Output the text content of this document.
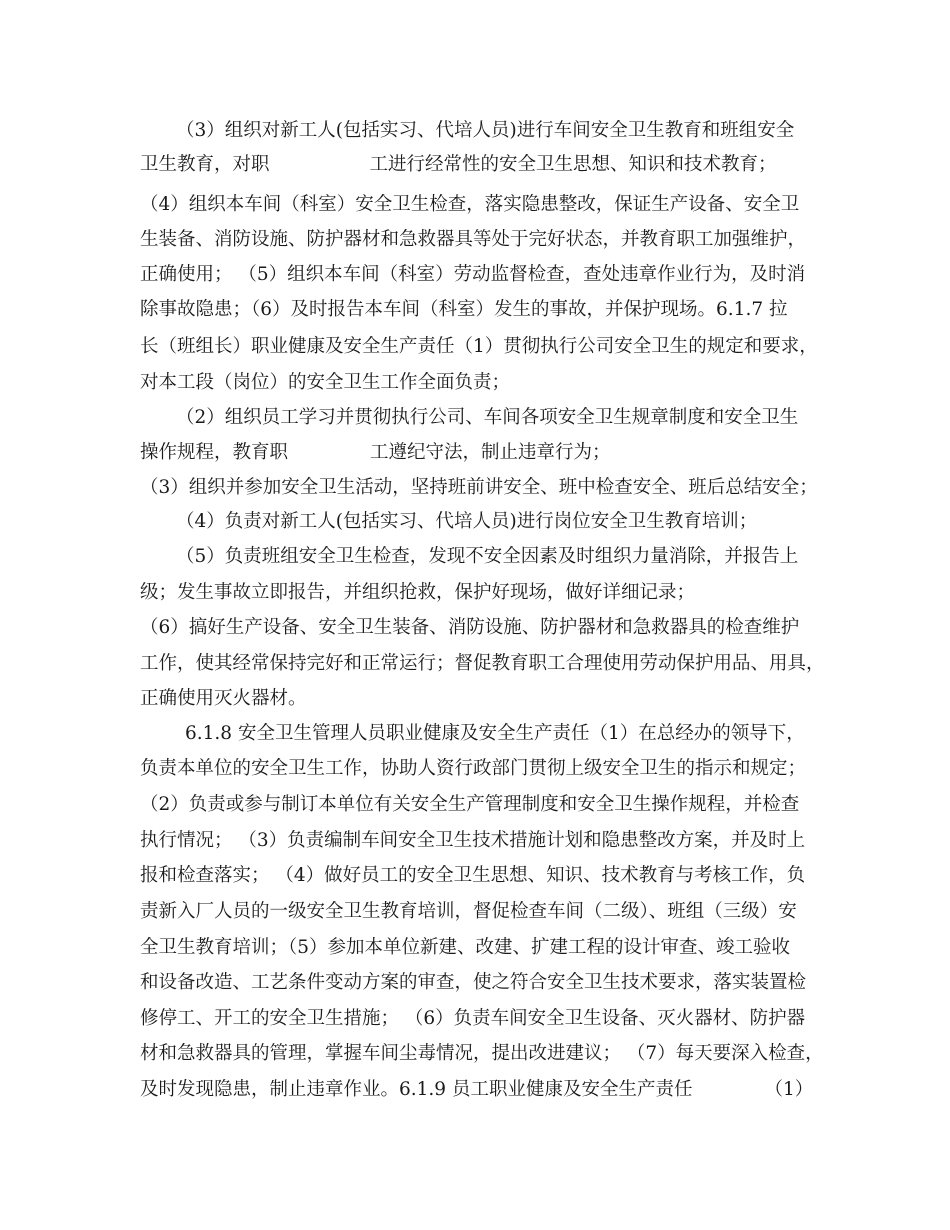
（3）组织对新工人(包括实习、代培人员)进行车间安全卫生教育和班组安全
卫生教育，对职	工进行经常性的安全卫生思想、知识和技术教育；
（4）组织本车间（科室）安全卫生检查，落实隐患整改，保证生产设备、安全卫
生装备、消防设施、防护器材和急救器具等处于完好状态，并教育职工加强维护，
正确使用； （5）组织本车间（科室）劳动监督检查，查处违章作业行为，及时消
除事故隐患；（6）及时报告本车间（科室）发生的事故，并保护现场。6.1.7 拉
长（班组长）职业健康及安全生产责任（1）贯彻执行公司安全卫生的规定和要求，
对本工段（岗位）的安全卫生工作全面负责；
（2）组织员工学习并贯彻执行公司、车间各项安全卫生规章制度和安全卫生
操作规程，教育职	工遵纪守法，制止违章行为；
（3）组织并参加安全卫生活动，坚持班前讲安全、班中检查安全、班后总结安全；
（4）负责对新工人(包括实习、代培人员)进行岗位安全卫生教育培训；
（5）负责班组安全卫生检查，发现不安全因素及时组织力量消除，并报告上
级；发生事故立即报告，并组织抢救，保护好现场，做好详细记录；
（6）搞好生产设备、安全卫生装备、消防设施、防护器材和急救器具的检查维护
工作，使其经常保持完好和正常运行；督促教育职工合理使用劳动保护用品、用具，
正确使用灭火器材。
6.1.8 安全卫生管理人员职业健康及安全生产责任（1）在总经办的领导下，
负责本单位的安全卫生工作，协助人资行政部门贯彻上级安全卫生的指示和规定；
（2）负责或参与制订本单位有关安全生产管理制度和安全卫生操作规程，并检查
执行情况； （3）负责编制车间安全卫生技术措施计划和隐患整改方案，并及时上
报和检查落实； （4）做好员工的安全卫生思想、知识、技术教育与考核工作，负
责新入厂人员的一级安全卫生教育培训，督促检查车间（二级）、班组（三级）安
全卫生教育培训；（5）参加本单位新建、改建、扩建工程的设计审查、竣工验收
和设备改造、工艺条件变动方案的审查，使之符合安全卫生技术要求，落实装置检
修停工、开工的安全卫生措施； （6）负责车间安全卫生设备、灭火器材、防护器
材和急救器具的管理，掌握车间尘毒情况，提出改进建议； （7）每天要深入检查，
及时发现隐患，制止违章作业。6.1.9 员工职业健康及安全生产责任	（1）
